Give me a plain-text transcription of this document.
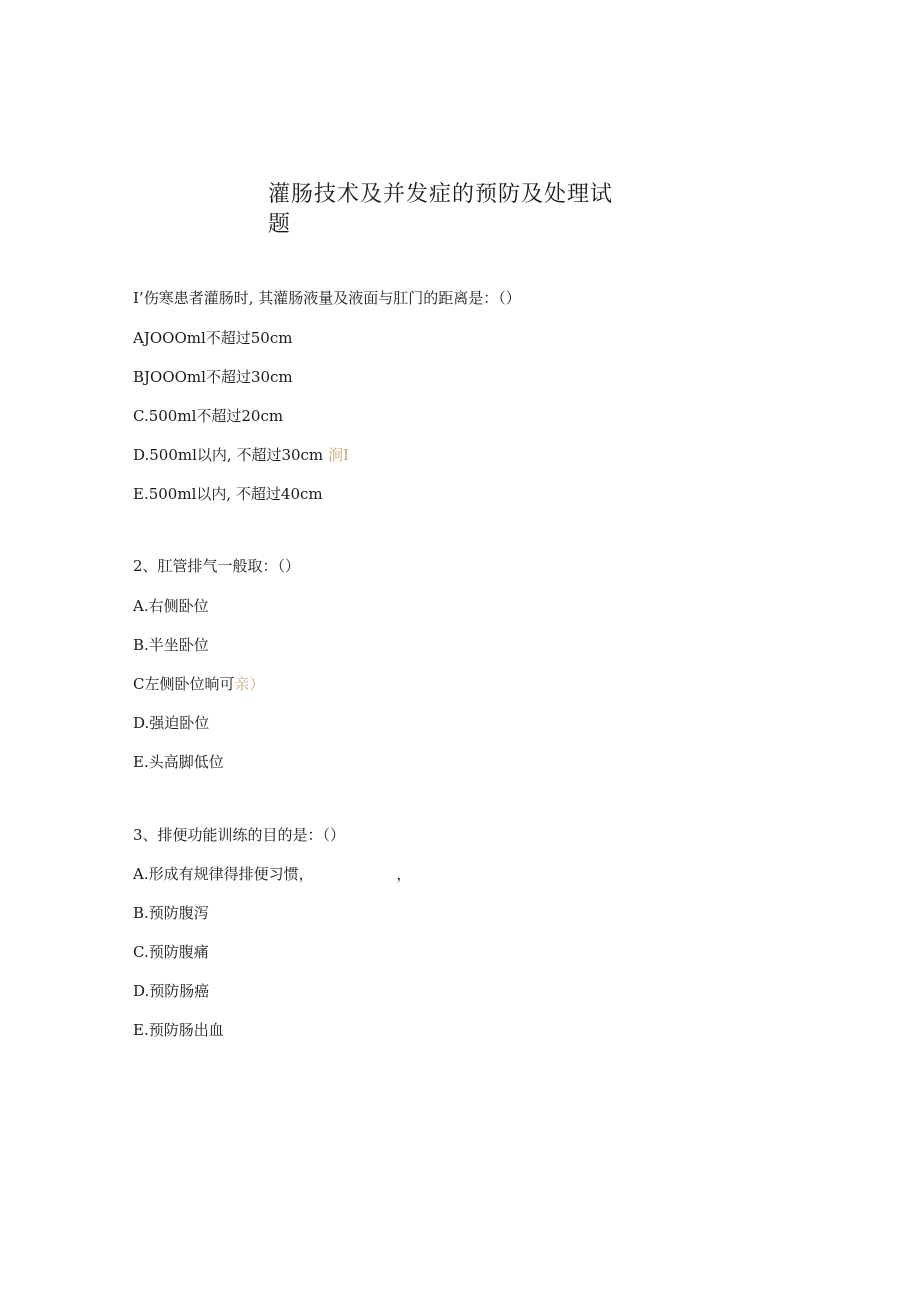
灌肠技术及并发症的预防及处理试题
I’伤寒患者灌肠时, 其灌肠液量及液面与肛门的距离是：（）
AJOOOml不超过50cm
BJOOOml不超过30cm
C.500ml不超过20cm
D.500ml以内, 不超过30cm 涧I
E.500ml以内, 不超过40cm
2、肛管排气一般取：（）
A.右侧卧位
B.半坐卧位
C左侧卧位晌可亲）
D.强迫卧位
E.头高脚低位
3、排便功能训练的目的是：（）
A.形成有规律得排便习惯，	，
B.预防腹泻
C.预防腹痛
D.预防肠癌
E.预防肠出血
